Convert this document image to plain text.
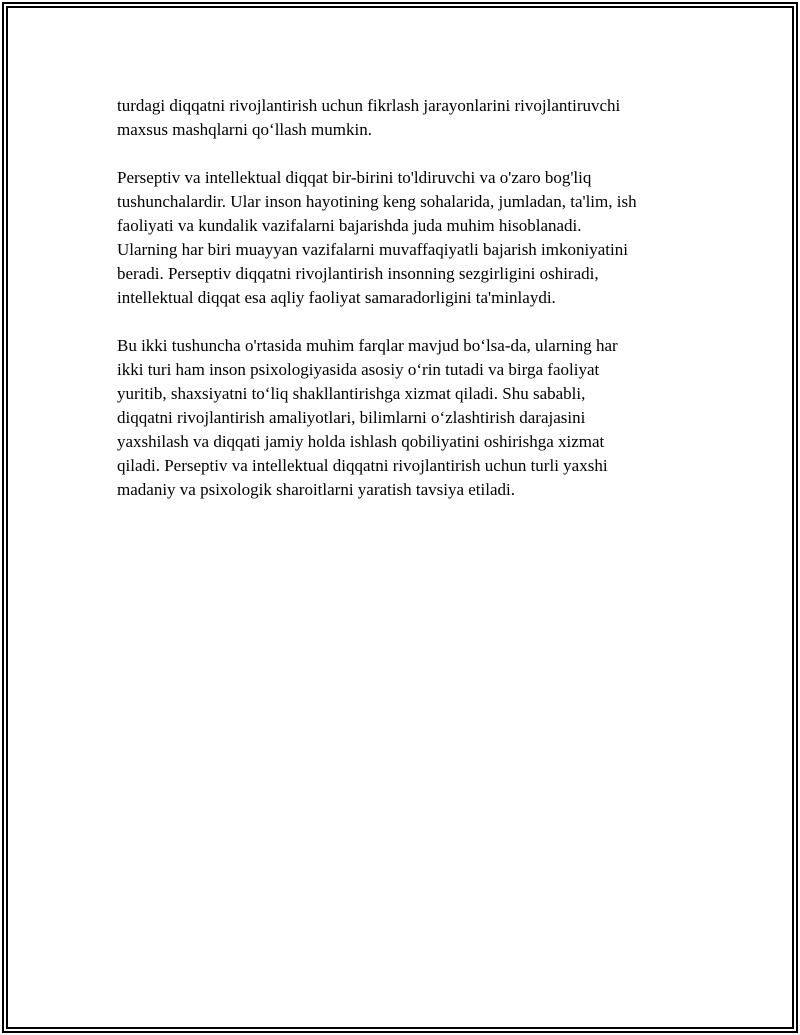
turdagi diqqatni rivojlantirish uchun fikrlash jarayonlarini rivojlantiruvchi
maxsus mashqlarni qo‘llash mumkin.

Perseptiv va intellektual diqqat bir-birini to'ldiruvchi va o'zaro bog'liq
tushunchalardir. Ular inson hayotining keng sohalarida, jumladan, ta'lim, ish
faoliyati va kundalik vazifalarni bajarishda juda muhim hisoblanadi.
Ularning har biri muayyan vazifalarni muvaffaqiyatli bajarish imkoniyatini
beradi. Perseptiv diqqatni rivojlantirish insonning sezgirligini oshiradi,
intellektual diqqat esa aqliy faoliyat samaradorligini ta'minlaydi.

Bu ikki tushuncha o'rtasida muhim farqlar mavjud bo‘lsa-da, ularning har
ikki turi ham inson psixologiyasida asosiy o‘rin tutadi va birga faoliyat
yuritib, shaxsiyatni to‘liq shakllantirishga xizmat qiladi. Shu sababli,
diqqatni rivojlantirish amaliyotlari, bilimlarni o‘zlashtirish darajasini
yaxshilash va diqqati jamiy holda ishlash qobiliyatini oshirishga xizmat
qiladi. Perseptiv va intellektual diqqatni rivojlantirish uchun turli yaxshi
madaniy va psixologik sharoitlarni yaratish tavsiya etiladi.
